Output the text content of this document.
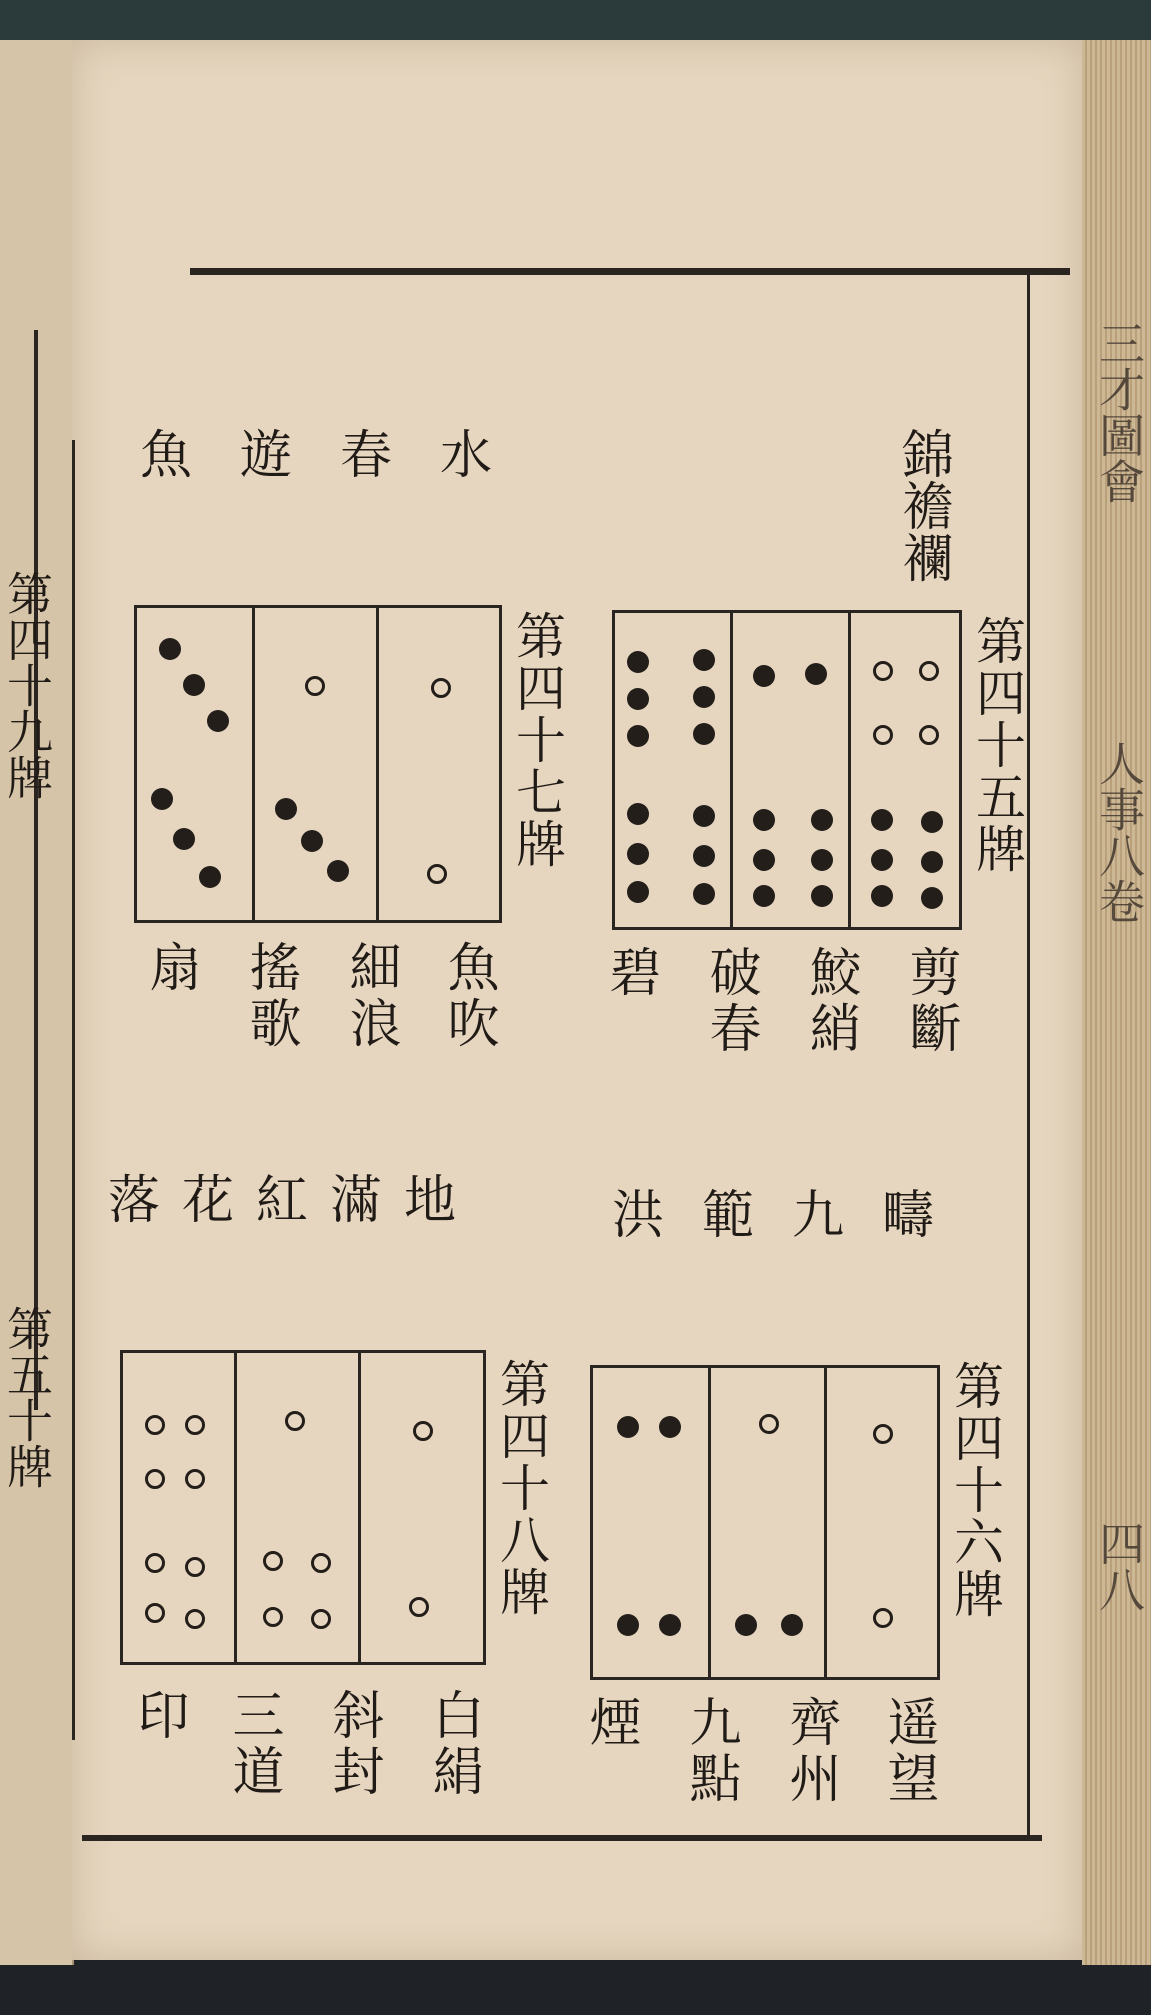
第四十九牌
第五十牌
錦襜襴
魚遊春水
第四十五牌
剪斷
鮫綃
破春
碧
第四十七牌
魚吹
細浪
搖歌
扇
洪範九疇
落花紅滿地
第四十六牌
遥望
齊州
九點
煙
第四十八牌
白絹
斜封
三道
印
三才圖會
人事八卷
四八
